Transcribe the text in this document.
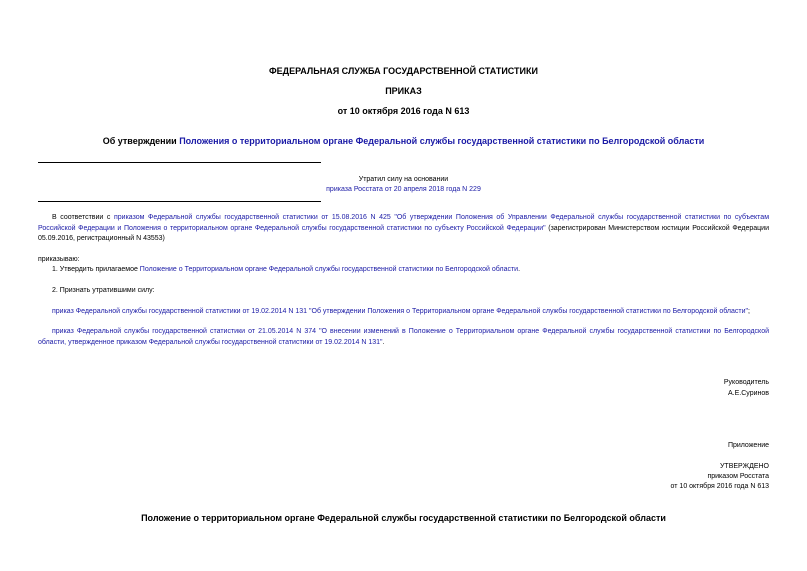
ФЕДЕРАЛЬНАЯ СЛУЖБА ГОСУДАРСТВЕННОЙ СТАТИСТИКИ
ПРИКАЗ
от 10 октября 2016 года N 613
Об утверждении Положения о территориальном органе Федеральной службы государственной статистики по Белгородской области
Утратил силу на основании
приказа Росстата от 20 апреля 2018 года N 229
В соответствии с приказом Федеральной службы государственной статистики от 15.08.2016 N 425 "Об утверждении Положения об Управлении Федеральной службы государственной статистики по субъектам Российской Федерации и Положения о территориальном органе Федеральной службы государственной статистики по субъекту Российской Федерации" (зарегистрирован Министерством юстиции Российской Федерации 05.09.2016, регистрационный N 43553)
приказываю:
1. Утвердить прилагаемое Положение о Территориальном органе Федеральной службы государственной статистики по Белгородской области.
2. Признать утратившими силу:
приказ Федеральной службы государственной статистики от 19.02.2014 N 131 "Об утверждении Положения о Территориальном органе Федеральной службы государственной статистики по Белгородской области";
приказ Федеральной службы государственной статистики от 21.05.2014 N 374 "О внесении изменений в Положение о Территориальном органе Федеральной службы государственной статистики по Белгородской области, утвержденное приказом Федеральной службы государственной статистики от 19.02.2014 N 131".
Руководитель
А.Е.Суринов
Приложение
УТВЕРЖДЕНО
приказом Росстата
от 10 октября 2016 года N 613
Положение о территориальном органе Федеральной службы государственной статистики по Белгородской области
